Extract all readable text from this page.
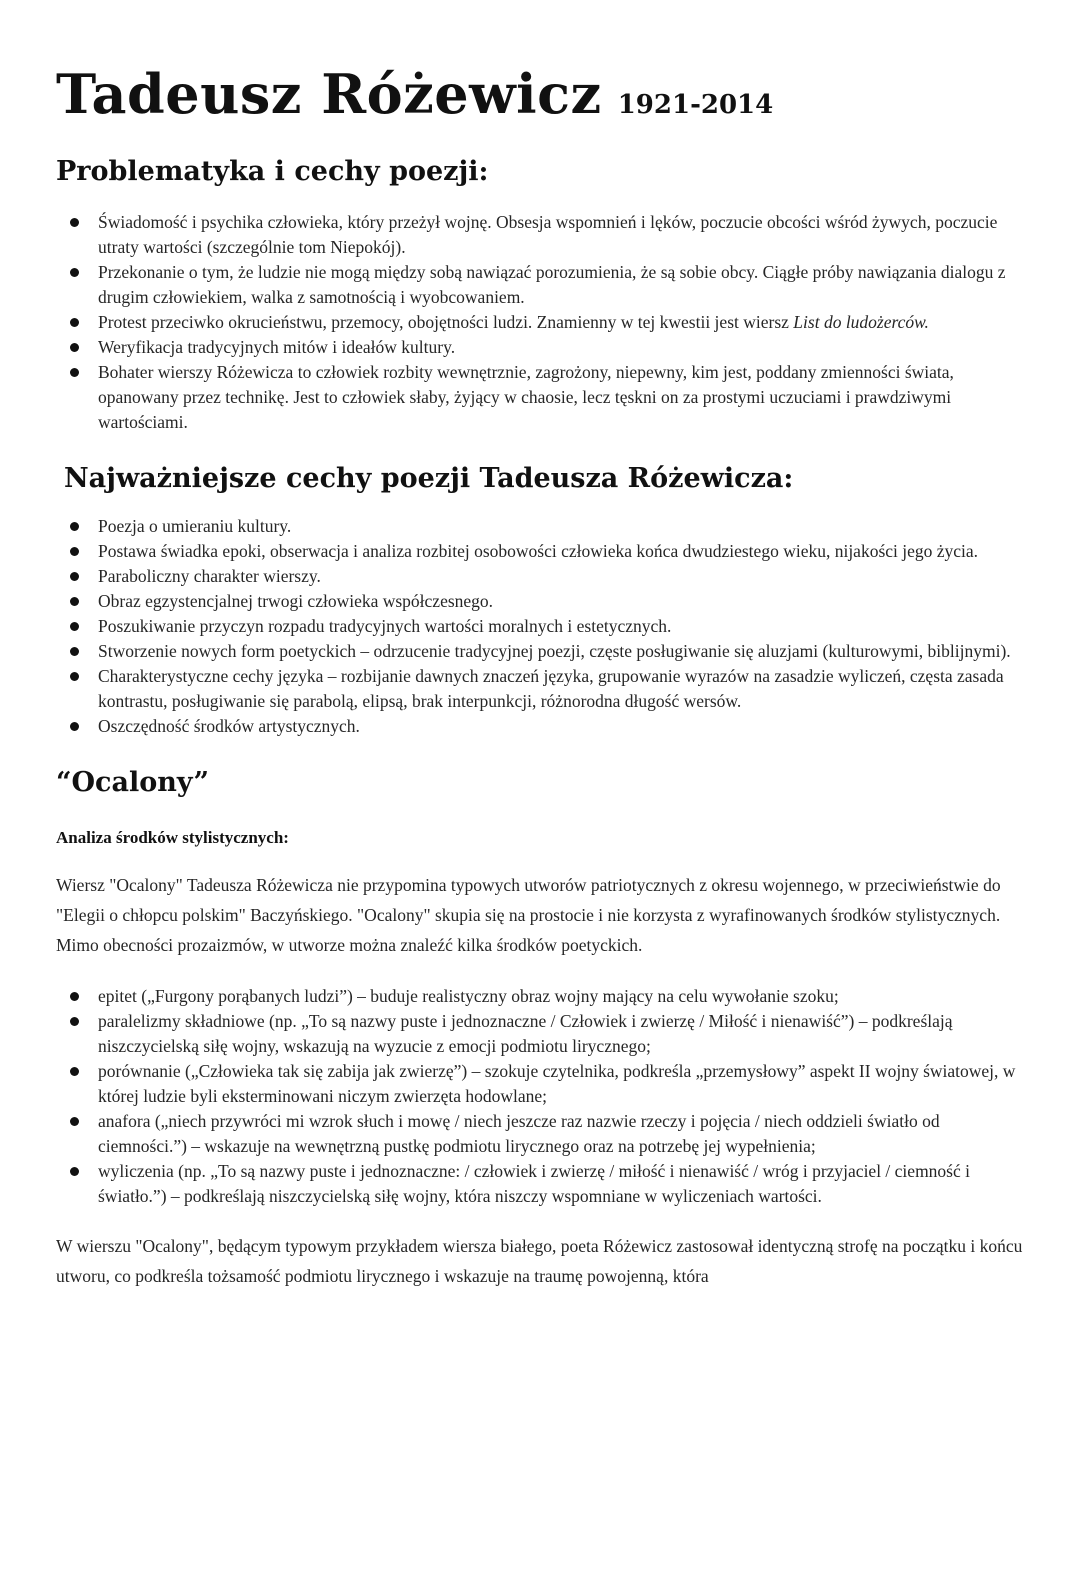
Tadeusz Różewicz 1921-2014
Problematyka i cechy poezji:
Świadomość i psychika człowieka, który przeżył wojnę. Obsesja wspomnień i lęków, poczucie obcości wśród żywych, poczucie utraty wartości (szczególnie tom Niepokój).
Przekonanie o tym, że ludzie nie mogą między sobą nawiązać porozumienia, że są sobie obcy. Ciągłe próby nawiązania dialogu z drugim człowiekiem, walka z samotnością i wyobcowaniem.
Protest przeciwko okrucieństwu, przemocy, obojętności ludzi. Znamienny w tej kwestii jest wiersz List do ludożerców.
Weryfikacja tradycyjnych mitów i ideałów kultury.
Bohater wierszy Różewicza to człowiek rozbity wewnętrznie, zagrożony, niepewny, kim jest, poddany zmienności świata, opanowany przez technikę. Jest to człowiek słaby, żyjący w chaosie, lecz tęskni on za prostymi uczuciami i prawdziwymi wartościami.
Najważniejsze cechy poezji Tadeusza Różewicza:
Poezja o umieraniu kultury.
Postawa świadka epoki, obserwacja i analiza rozbitej osobowości człowieka końca dwudziestego wieku, nijakości jego życia.
Paraboliczny charakter wierszy.
Obraz egzystencjalnej trwogi człowieka współczesnego.
Poszukiwanie przyczyn rozpadu tradycyjnych wartości moralnych i estetycznych.
Stworzenie nowych form poetyckich – odrzucenie tradycyjnej poezji, częste posługiwanie się aluzjami (kulturowymi, biblijnymi).
Charakterystyczne cechy języka – rozbijanie dawnych znaczeń języka, grupowanie wyrazów na zasadzie wyliczeń, częsta zasada kontrastu, posługiwanie się parabolą, elipsą, brak interpunkcji, różnorodna długość wersów.
Oszczędność środków artystycznych.
“Ocalony”

Analiza środków stylistycznych:

Wiersz "Ocalony" Tadeusza Różewicza nie przypomina typowych utworów patriotycznych z okresu wojennego, w przeciwieństwie do "Elegii o chłopcu polskim" Baczyńskiego. "Ocalony" skupia się na prostocie i nie korzysta z wyrafinowanych środków stylistycznych. Mimo obecności prozaizmów, w utworze można znaleźć kilka środków poetyckich.

epitet („Furgony porąbanych ludzi”) – buduje realistyczny obraz wojny mający na celu wywołanie szoku;
paralelizmy składniowe (np. „To są nazwy puste i jednoznaczne / Człowiek i zwierzę / Miłość i nienawiść”) – podkreślają niszczycielską siłę wojny, wskazują na wyzucie z emocji podmiotu lirycznego;
porównanie („Człowieka tak się zabija jak zwierzę”) – szokuje czytelnika, podkreśla „przemysłowy” aspekt II wojny światowej, w której ludzie byli eksterminowani niczym zwierzęta hodowlane;
anafora („niech przywróci mi wzrok słuch i mowę / niech jeszcze raz nazwie rzeczy i pojęcia / niech oddzieli światło od ciemności.”) – wskazuje na wewnętrzną pustkę podmiotu lirycznego oraz na potrzebę jej wypełnienia;
wyliczenia (np. „To są nazwy puste i jednoznaczne: / człowiek i zwierzę / miłość i nienawiść / wróg i przyjaciel / ciemność i światło.”) – podkreślają niszczycielską siłę wojny, która niszczy wspomniane w wyliczeniach wartości.

W wierszu "Ocalony", będącym typowym przykładem wiersza białego, poeta Różewicz zastosował identyczną strofę na początku i końcu utworu, co podkreśla tożsamość podmiotu lirycznego i wskazuje na traumę powojenną, która
